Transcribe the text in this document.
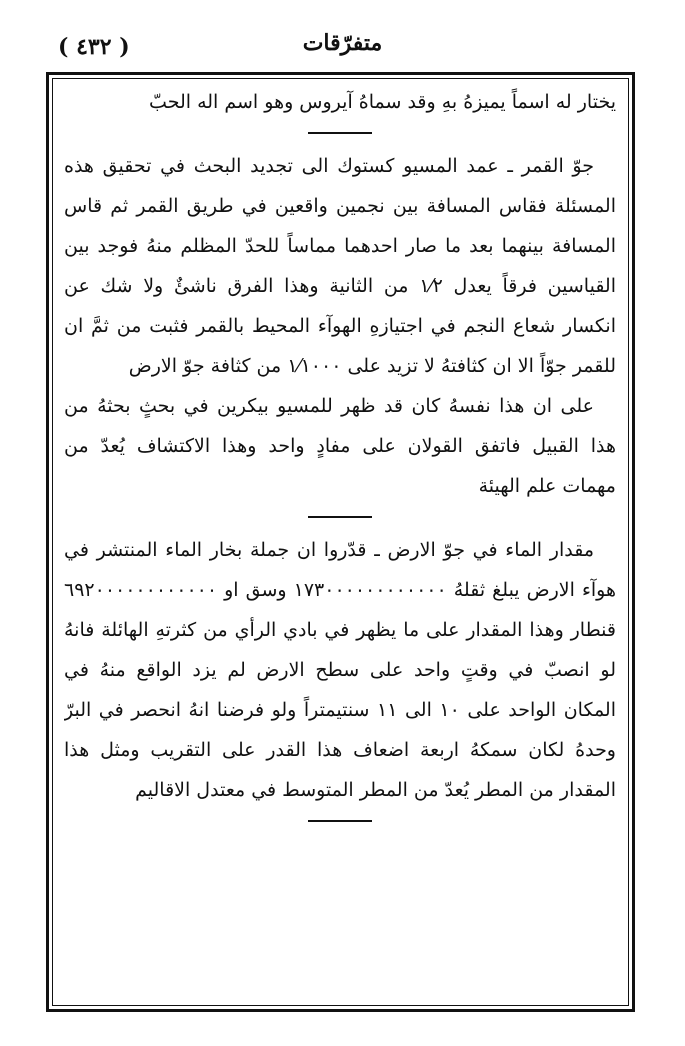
( ٤٣٢ )	متفرّقات

يختار له اسماً يميزهُ بهِ وقد سماهُ آيروس وهو اسم اله الحبّ

جوّ القمر ـ عمد المسيو كستوك الى تجديد البحث في تحقيق هذه المسئلة فقاس المسافة بين نجمين واقعين في طريق القمر ثم قاس المسافة بينهما بعد ما صار احدهما مماساً للحدّ المظلم منهُ فوجد بين القياسين فرقاً يعدل ١⁄٢ من الثانية وهذا الفرق ناشئٌ ولا شك عن انكسار شعاع النجم في اجتيازهِ الهوآء المحيط بالقمر فثبت من ثمَّ ان للقمر جوّاً الا ان كثافتهُ لا تزيد على ١⁄١٠٠٠ من كثافة جوّ الارض

على ان هذا نفسهُ كان قد ظهر للمسيو بيكرين في بحثٍ بحثهُ من هذا القبيل فاتفق القولان على مفادٍ واحد وهذا الاكتشاف يُعدّ من مهمات علم الهيئة

مقدار الماء في جوّ الارض ـ قدّروا ان جملة بخار الماء المنتشر في هوآء الارض يبلغ ثقلهُ ١٧٣٠٠٠٠٠٠٠٠٠٠٠٠ وسق او ٦٩٢٠٠٠٠٠٠٠٠٠٠٠٠ قنطار وهذا المقدار على ما يظهر في بادي الرأي من كثرتهِ الهائلة فانهُ لو انصبّ في وقتٍ واحد على سطح الارض لم يزد الواقع منهُ في المكان الواحد على ١٠ الى ١١ سنتيمتراً ولو فرضنا انهُ انحصر في البرّ وحدهُ لكان سمكهُ اربعة اضعاف هذا القدر على التقريب ومثل هذا المقدار من المطر يُعدّ من المطر المتوسط في معتدل الاقاليم
